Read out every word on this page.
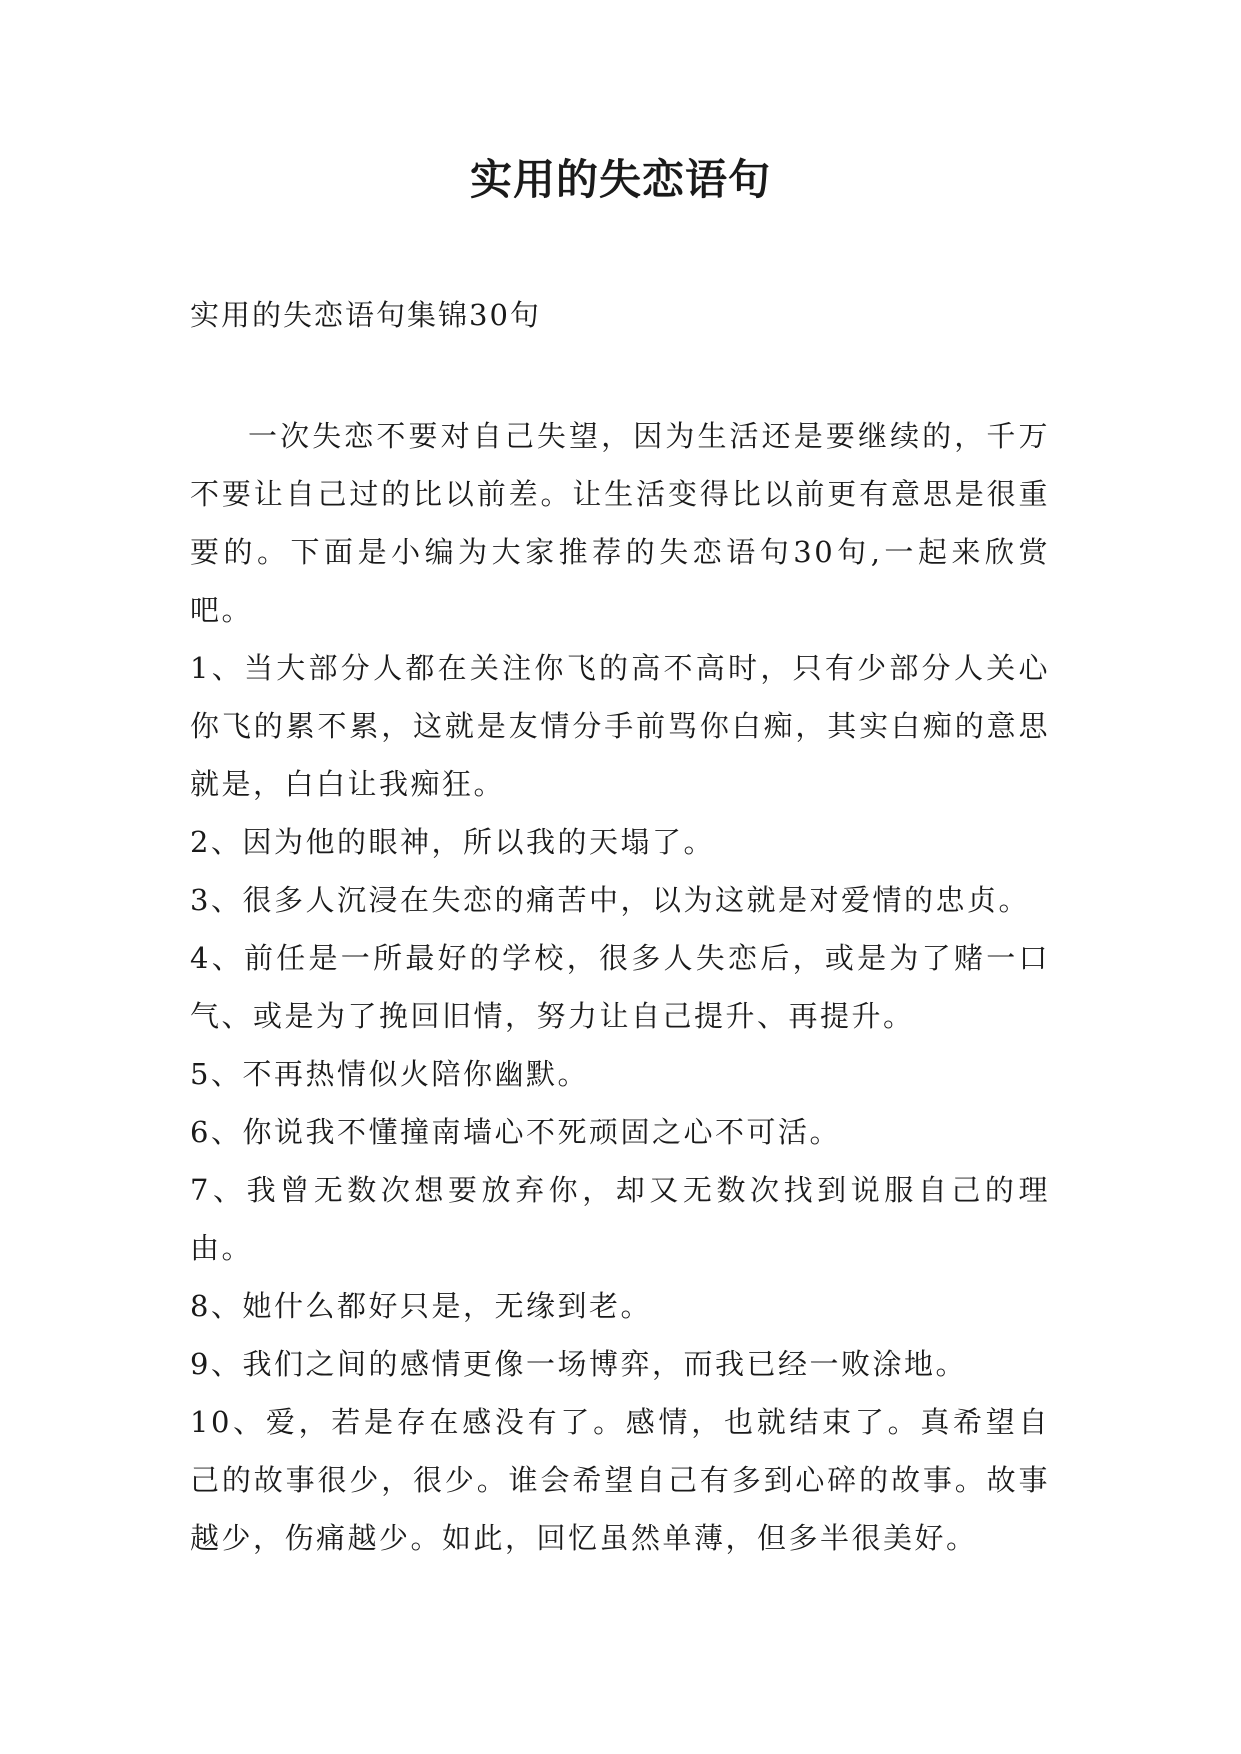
实用的失恋语句

实用的失恋语句集锦30句

一次失恋不要对自己失望，因为生活还是要继续的，千万不要让自己过的比以前差。让生活变得比以前更有意思是很重要的。下面是小编为大家推荐的失恋语句30句,一起来欣赏吧。

1、当大部分人都在关注你飞的高不高时，只有少部分人关心你飞的累不累，这就是友情分手前骂你白痴，其实白痴的意思就是，白白让我痴狂。

2、因为他的眼神，所以我的天塌了。

3、很多人沉浸在失恋的痛苦中，以为这就是对爱情的忠贞。

4、前任是一所最好的学校，很多人失恋后，或是为了赌一口气、或是为了挽回旧情，努力让自己提升、再提升。

5、不再热情似火陪你幽默。

6、你说我不懂撞南墙心不死顽固之心不可活。

7、我曾无数次想要放弃你，却又无数次找到说服自己的理由。

8、她什么都好只是，无缘到老。

9、我们之间的感情更像一场博弈，而我已经一败涂地。

10、爱，若是存在感没有了。感情，也就结束了。真希望自己的故事很少，很少。谁会希望自己有多到心碎的故事。故事越少，伤痛越少。如此，回忆虽然单薄，但多半很美好。
